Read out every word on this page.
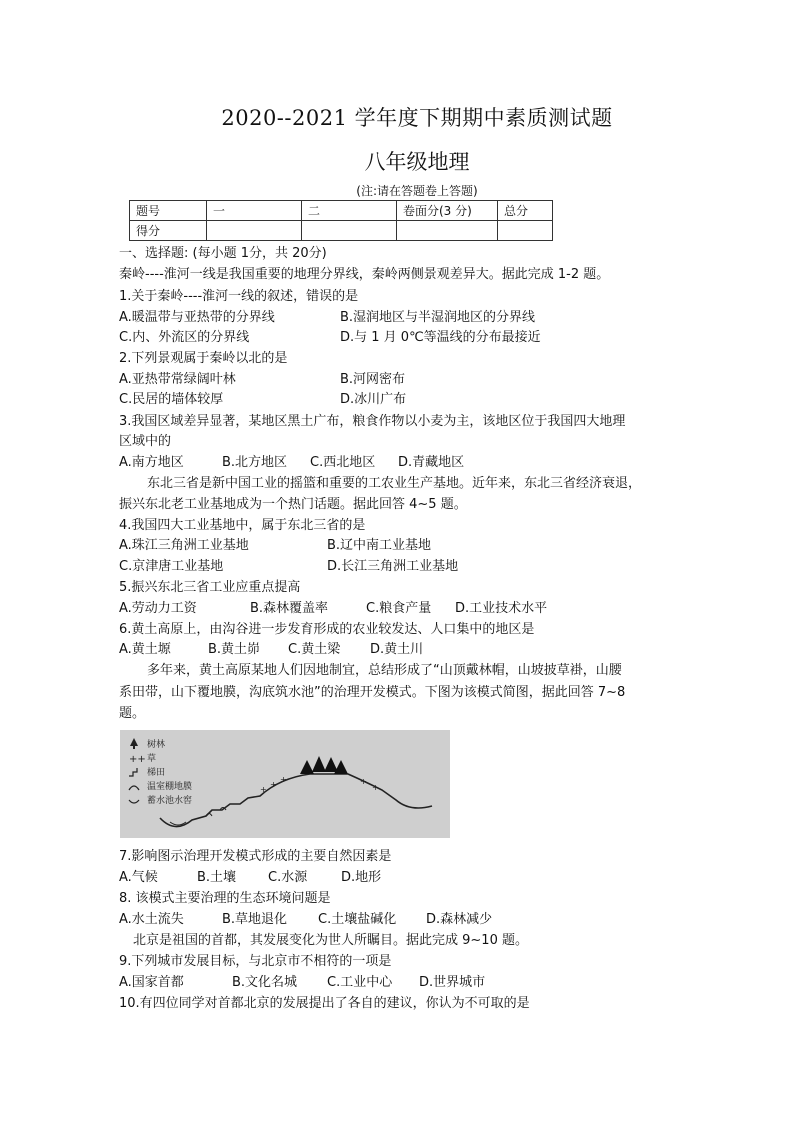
2020--2021 学年度下期期中素质测试题
八年级地理
(注:请在答题卷上答题)
题号	一	二	卷面分(3 分)	总分
得分				
一、选择题: (每小题 1分，共 20分)
秦岭----淮河一线是我国重要的地理分界线，秦岭两侧景观差异大。据此完成 1-2 题。
1.关于秦岭----淮河一线的叙述，错误的是
A.暖温带与亚热带的分界线	B.湿润地区与半湿润地区的分界线
C.内、外流区的分界线	D.与 1 月 0℃等温线的分布最接近
2.下列景观属于秦岭以北的是
A.亚热带常绿阔叶林	B.河网密布
C.民居的墙体较厚	D.冰川广布
3.我国区域差异显著，某地区黑土广布，粮食作物以小麦为主，该地区位于我国四大地理
区域中的
A.南方地区	B.北方地区 C.西北地区 D.青藏地区
东北三省是新中国工业的摇篮和重要的工农业生产基地。近年来，东北三省经济衰退，
振兴东北老工业基地成为一个热门话题。据此回答 4~5 题。
4.我国四大工业基地中，属于东北三省的是
A.珠江三角洲工业基地	B.辽中南工业基地
C.京津唐工业基地	D.长江三角洲工业基地
5.振兴东北三省工业应重点提高
A.劳动力工资	B.森林覆盖率	C.粮食产量 D.工业技术水平
6.黄土高原上，由沟谷进一步发育形成的农业较发达、人口集中的地区是
A.黄土塬	B.黄土峁 C.黄土梁 D.黄土川
多年来，黄土高原某地人们因地制宜，总结形成了“山顶戴林帽，山坡披草褂，山腰
系田带，山下覆地膜，沟底筑水池”的治理开发模式。下图为该模式简图，据此回答 7~8
题。
++
树林
草
梯田
温室棚地膜
蓄水池水窖
+
+
+	+
+
7.影响图示治理开发模式形成的主要自然因素是
A.气候	B.土壤 C.水源	D.地形
8. 该模式主要治理的生态环境问题是
A.水土流失	B.草地退化 C.土壤盐碱化 D.森林减少
北京是祖国的首都，其发展变化为世人所瞩目。据此完成 9~10 题。
9.下列城市发展目标，与北京市不相符的一项是
A.国家首都	B.文化名城 C.工业中心 D.世界城市
10.有四位同学对首都北京的发展提出了各自的建议，你认为不可取的是
